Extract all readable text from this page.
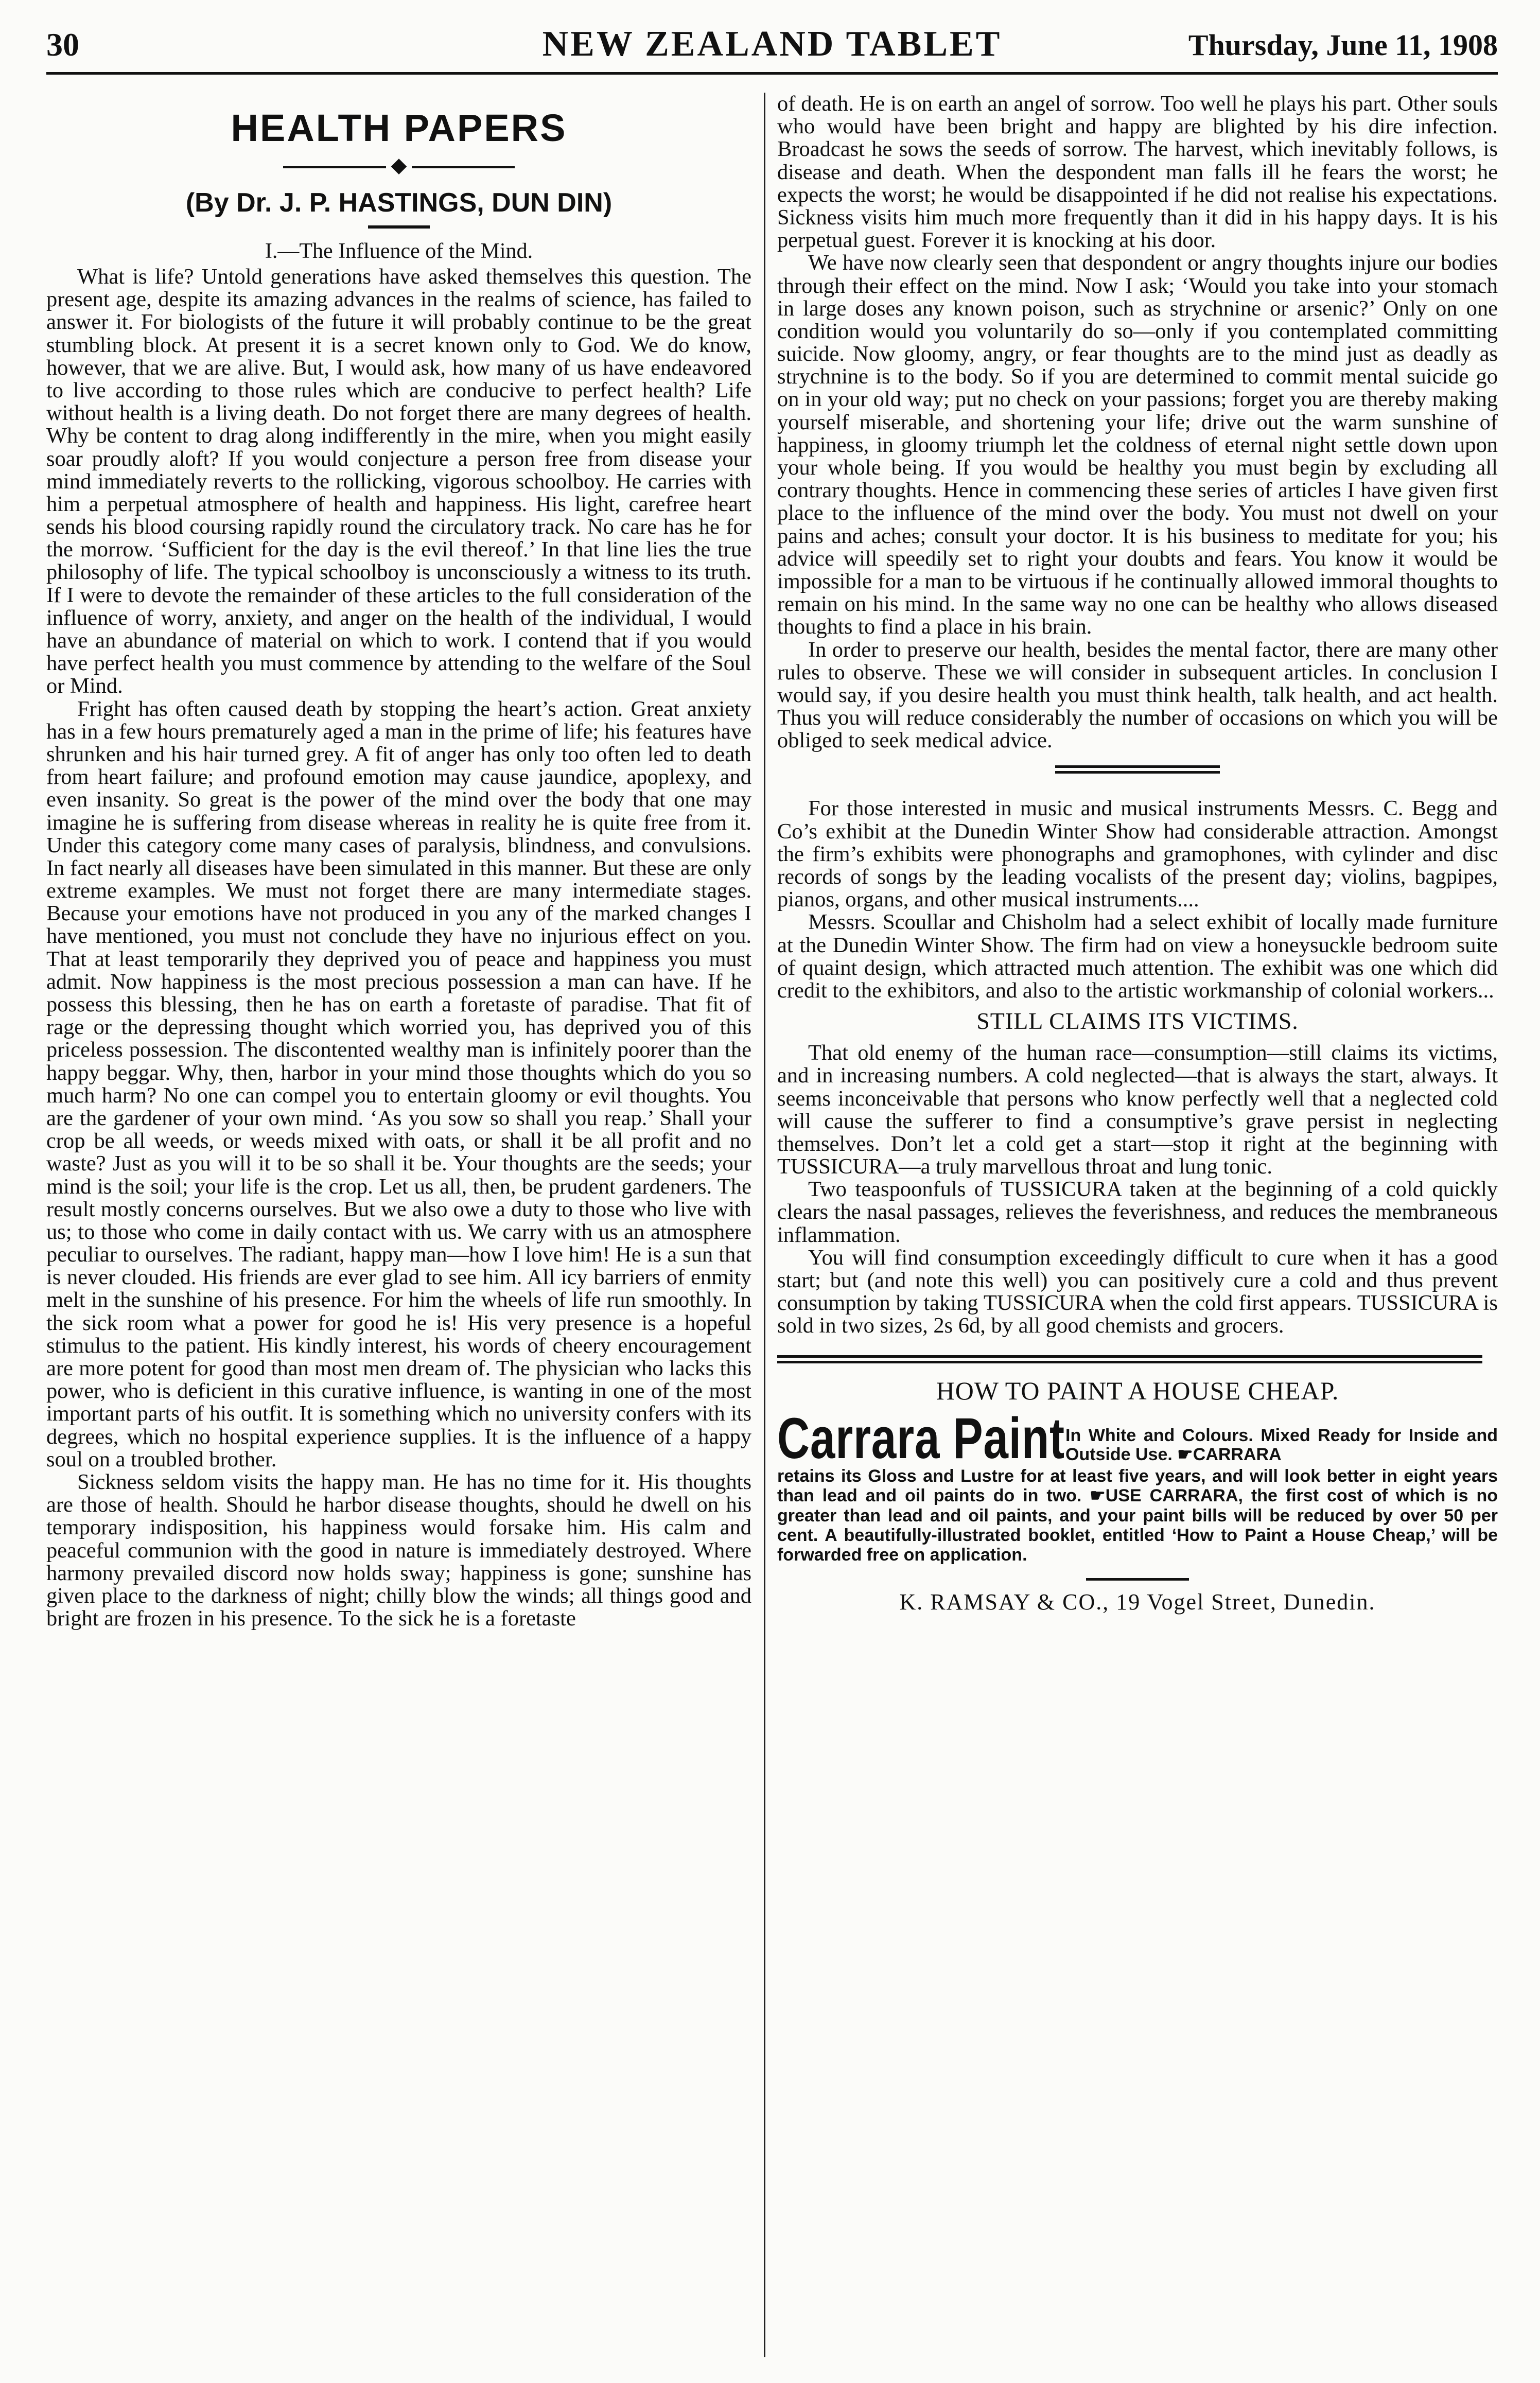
30	NEW ZEALAND TABLET	Thursday, June 11, 1908
HEALTH PAPERS
◆
(By Dr. J. P. HASTINGS, DUN DIN)
I.—The Influence of the Mind.

What is life? Untold generations have asked themselves this question. The present age, despite its amazing advances in the realms of science, has failed to answer it. For biologists of the future it will probably continue to be the great stumbling block. At present it is a secret known only to God. We do know, however, that we are alive. But, I would ask, how many of us have endeavored to live according to those rules which are conducive to perfect health? Life without health is a living death. Do not forget there are many degrees of health. Why be content to drag along indifferently in the mire, when you might easily soar proudly aloft? If you would conjecture a person free from disease your mind immediately reverts to the rollicking, vigorous schoolboy. He carries with him a perpetual atmosphere of health and happiness. His light, carefree heart sends his blood coursing rapidly round the circulatory track. No care has he for the morrow. ‘Sufficient for the day is the evil thereof.’ In that line lies the true philosophy of life. The typical schoolboy is unconsciously a witness to its truth. If I were to devote the remainder of these articles to the full consideration of the influence of worry, anxiety, and anger on the health of the individual, I would have an abundance of material on which to work. I contend that if you would have perfect health you must commence by attending to the welfare of the Soul or Mind.

Fright has often caused death by stopping the heart’s action. Great anxiety has in a few hours prematurely aged a man in the prime of life; his features have shrunken and his hair turned grey. A fit of anger has only too often led to death from heart failure; and profound emotion may cause jaundice, apoplexy, and even insanity. So great is the power of the mind over the body that one may imagine he is suffering from disease whereas in reality he is quite free from it. Under this category come many cases of paralysis, blindness, and convulsions. In fact nearly all diseases have been simulated in this manner. But these are only extreme examples. We must not forget there are many intermediate stages. Because your emotions have not produced in you any of the marked changes I have mentioned, you must not conclude they have no injurious effect on you. That at least temporarily they deprived you of peace and happiness you must admit. Now happiness is the most precious possession a man can have. If he possess this blessing, then he has on earth a foretaste of paradise. That fit of rage or the depressing thought which worried you, has deprived you of this priceless possession. The discontented wealthy man is infinitely poorer than the happy beggar. Why, then, harbor in your mind those thoughts which do you so much harm? No one can compel you to entertain gloomy or evil thoughts. You are the gardener of your own mind. ‘As you sow so shall you reap.’ Shall your crop be all weeds, or weeds mixed with oats, or shall it be all profit and no waste? Just as you will it to be so shall it be. Your thoughts are the seeds; your mind is the soil; your life is the crop. Let us all, then, be prudent gardeners. The result mostly concerns ourselves. But we also owe a duty to those who live with us; to those who come in daily contact with us. We carry with us an atmosphere peculiar to ourselves. The radiant, happy man—how I love him! He is a sun that is never clouded. His friends are ever glad to see him. All icy barriers of enmity melt in the sunshine of his presence. For him the wheels of life run smoothly. In the sick room what a power for good he is! His very presence is a hopeful stimulus to the patient. His kindly interest, his words of cheery encouragement are more potent for good than most men dream of. The physician who lacks this power, who is deficient in this curative influence, is wanting in one of the most important parts of his outfit. It is something which no university confers with its degrees, which no hospital experience supplies. It is the influence of a happy soul on a troubled brother.

Sickness seldom visits the happy man. He has no time for it. His thoughts are those of health. Should he harbor disease thoughts, should he dwell on his temporary indisposition, his happiness would forsake him. His calm and peaceful communion with the good in nature is immediately destroyed. Where harmony prevailed discord now holds sway; happiness is gone; sunshine has given place to the darkness of night; chilly blow the winds; all things good and bright are frozen in his presence. To the sick he is a foretaste

of death. He is on earth an angel of sorrow. Too well he plays his part. Other souls who would have been bright and happy are blighted by his dire infection. Broadcast he sows the seeds of sorrow. The harvest, which inevitably follows, is disease and death. When the despondent man falls ill he fears the worst; he expects the worst; he would be disappointed if he did not realise his expectations. Sickness visits him much more frequently than it did in his happy days. It is his perpetual guest. Forever it is knocking at his door.

We have now clearly seen that despondent or angry thoughts injure our bodies through their effect on the mind. Now I ask; ‘Would you take into your stomach in large doses any known poison, such as strychnine or arsenic?’ Only on one condition would you voluntarily do so—only if you contemplated committing suicide. Now gloomy, angry, or fear thoughts are to the mind just as deadly as strychnine is to the body. So if you are determined to commit mental suicide go on in your old way; put no check on your passions; forget you are thereby making yourself miserable, and shortening your life; drive out the warm sunshine of happiness, in gloomy triumph let the coldness of eternal night settle down upon your whole being. If you would be healthy you must begin by excluding all contrary thoughts. Hence in commencing these series of articles I have given first place to the influence of the mind over the body. You must not dwell on your pains and aches; consult your doctor. It is his business to meditate for you; his advice will speedily set to right your doubts and fears. You know it would be impossible for a man to be virtuous if he continually allowed immoral thoughts to remain on his mind. In the same way no one can be healthy who allows diseased thoughts to find a place in his brain.

In order to preserve our health, besides the mental factor, there are many other rules to observe. These we will consider in subsequent articles. In conclusion I would say, if you desire health you must think health, talk health, and act health. Thus you will reduce considerably the number of occasions on which you will be obliged to seek medical advice.

For those interested in music and musical instruments Messrs. C. Begg and Co’s exhibit at the Dunedin Winter Show had considerable attraction. Amongst the firm’s exhibits were phonographs and gramophones, with cylinder and disc records of songs by the leading vocalists of the present day; violins, bagpipes, pianos, organs, and other musical instruments....

Messrs. Scoullar and Chisholm had a select exhibit of locally made furniture at the Dunedin Winter Show. The firm had on view a honeysuckle bedroom suite of quaint design, which attracted much attention. The exhibit was one which did credit to the exhibitors, and also to the artistic workmanship of colonial workers...

STILL CLAIMS ITS VICTIMS.

That old enemy of the human race—consumption—still claims its victims, and in increasing numbers. A cold neglected—that is always the start, always. It seems inconceivable that persons who know perfectly well that a neglected cold will cause the sufferer to find a consumptive’s grave persist in neglecting themselves. Don’t let a cold get a start—stop it right at the beginning with TUSSICURA—a truly marvellous throat and lung tonic.

Two teaspoonfuls of TUSSICURA taken at the beginning of a cold quickly clears the nasal passages, relieves the feverishness, and reduces the membraneous inflammation.

You will find consumption exceedingly difficult to cure when it has a good start; but (and note this well) you can positively cure a cold and thus prevent consumption by taking TUSSICURA when the cold first appears. TUSSICURA is sold in two sizes, 2s 6d, by all good chemists and grocers.

HOW TO PAINT A HOUSE CHEAP.
Carrara Paint In White and Colours. Mixed Ready for Inside and Outside Use. ☛CARRARA

retains its Gloss and Lustre for at least five years, and will look better in eight years than lead and oil paints do in two. ☛USE CARRARA, the first cost of which is no greater than lead and oil paints, and your paint bills will be reduced by over 50 per cent. A beautifully-illustrated booklet, entitled ‘How to Paint a House Cheap,’ will be forwarded free on application.

K. RAMSAY & CO., 19 Vogel Street, Dunedin.
